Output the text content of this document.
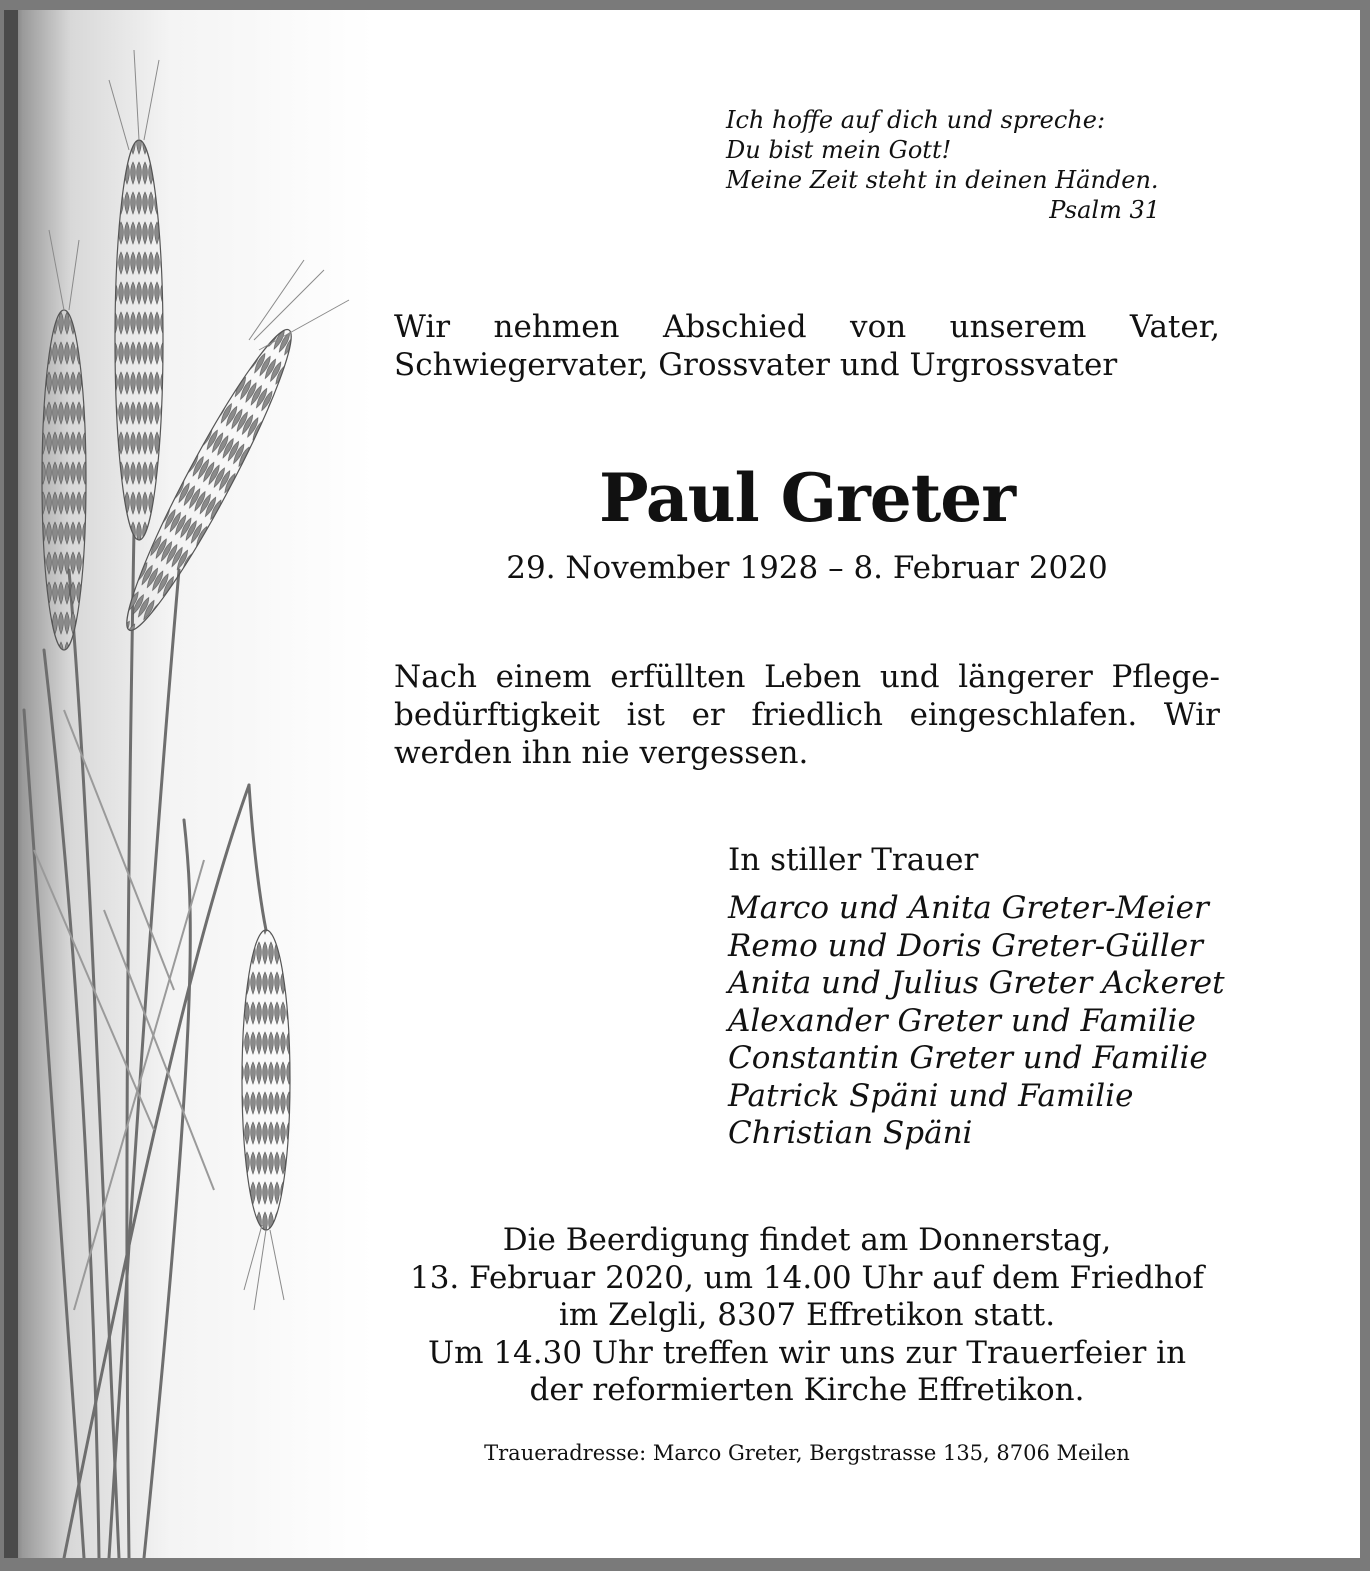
Ich hoffe auf dich und spreche:
Du bist mein Gott!
Meine Zeit steht in deinen Händen.
Psalm 31
Wir nehmen Abschied von unserem Vater, Schwiegervater, Grossvater und Urgrossvater
Paul Greter
29. November 1928 – 8. Februar 2020
Nach einem erfüllten Leben und längerer Pflege-bedürftigkeit ist er friedlich eingeschlafen. Wir werden ihn nie vergessen.
In stiller Trauer
Marco und Anita Greter-Meier
Remo und Doris Greter-Güller
Anita und Julius Greter Ackeret
Alexander Greter und Familie
Constantin Greter und Familie
Patrick Späni und Familie
Christian Späni
Die Beerdigung findet am Donnerstag,
13. Februar 2020, um 14.00 Uhr auf dem Friedhof
im Zelgli, 8307 Effretikon statt.
Um 14.30 Uhr treffen wir uns zur Trauerfeier in
der reformierten Kirche Effretikon.
Traueradresse: Marco Greter, Bergstrasse 135, 8706 Meilen
